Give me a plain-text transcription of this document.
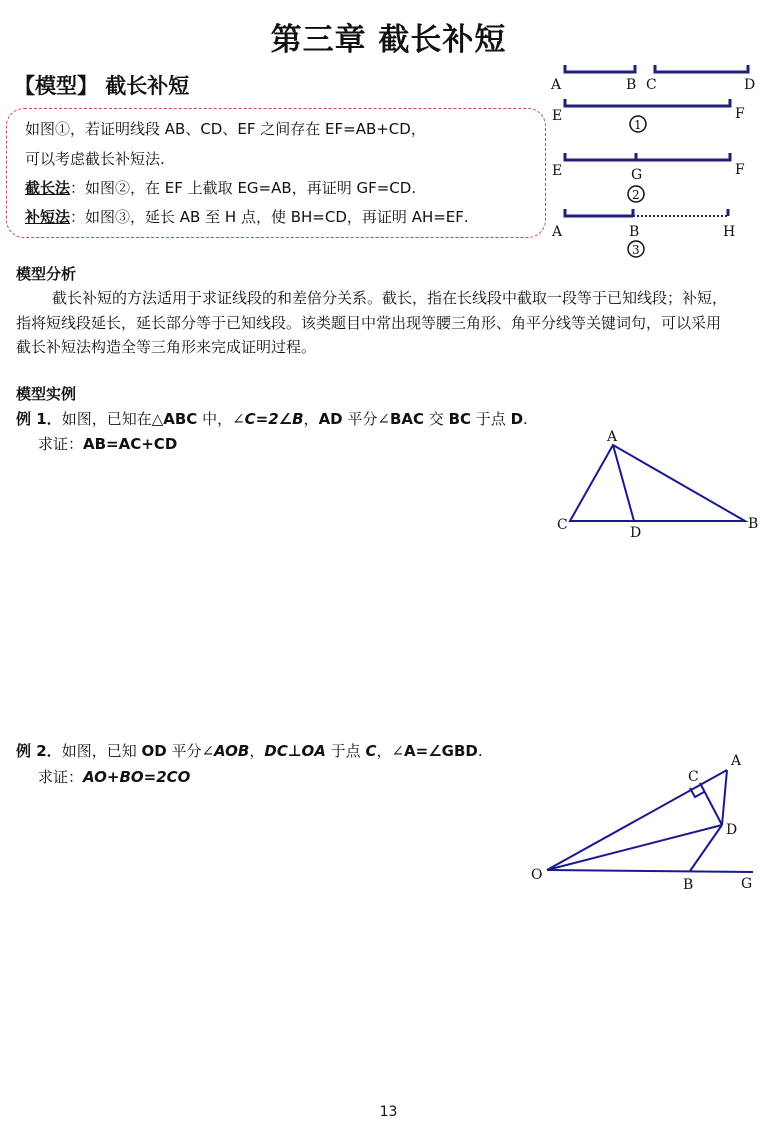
第三章 截长补短
【模型】 截长补短
如图①，若证明线段 AB、CD、EF 之间存在 EF=AB+CD，
可以考虑截长补短法.
截长法：如图②，在 EF 上截取 EG=AB，再证明 GF=CD.
补短法：如图③，延长 AB 至 H 点，使 BH=CD，再证明 AH=EF.
A	B C	D
E	F
1
E	G	F
2
A	B	H
3
模型分析
截长补短的方法适用于求证线段的和差倍分关系。截长，指在长线段中截取一段等于已知线段；补短，指将短线段延长，延长部分等于已知线段。该类题目中常出现等腰三角形、角平分线等关键词句，可以采用截长补短法构造全等三角形来完成证明过程。
模型实例
例 1．如图，已知在△ABC 中，∠C=2∠B，AD 平分∠BAC 交 BC 于点 D.
求证：AB=AC+CD	A
B
C	D
例 2．如图，已知 OD 平分∠AOB，DC⊥OA 于点 C，∠A=∠GBD.
求证：AO+BO=2CO
A
C
D
O
B	G
13
